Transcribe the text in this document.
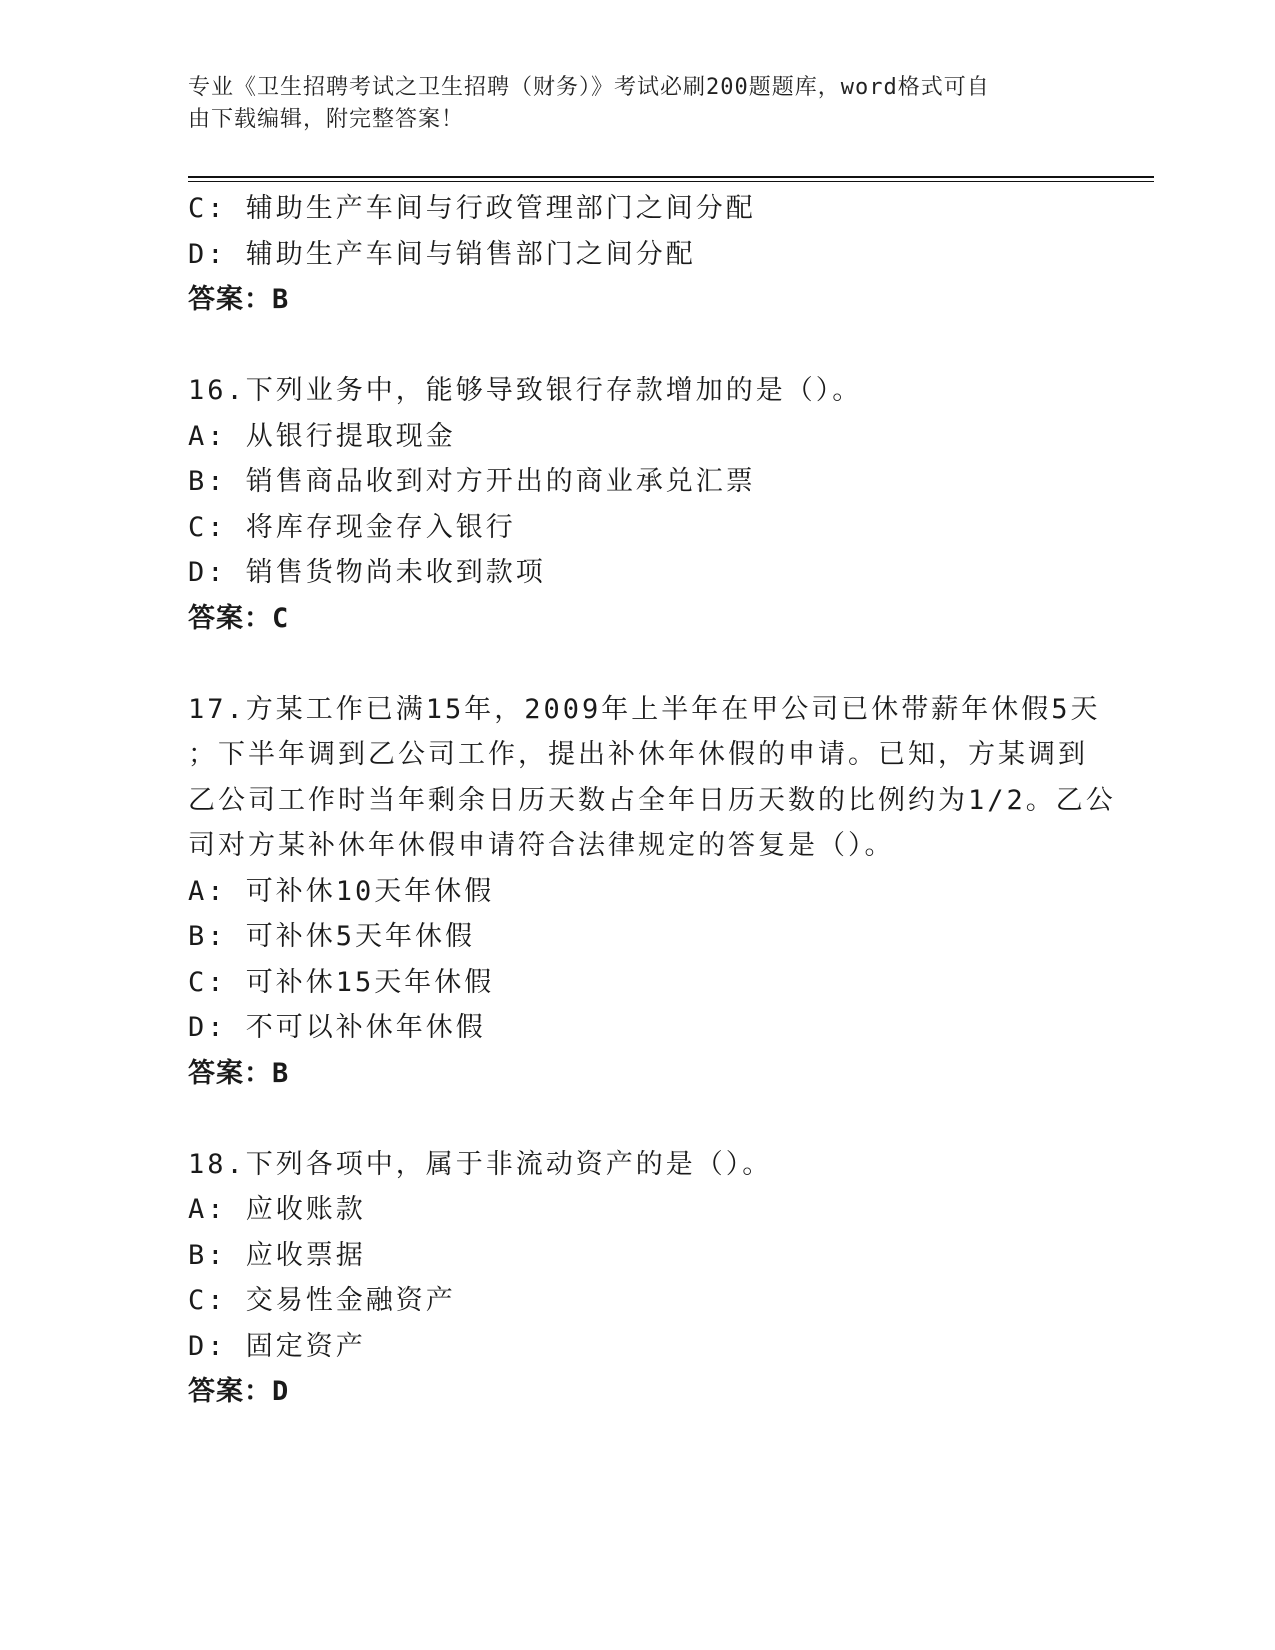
专业《卫生招聘考试之卫生招聘（财务）》考试必刷200题题库，word格式可自
由下载编辑，附完整答案！
C: 辅助生产车间与行政管理部门之间分配
D: 辅助生产车间与销售部门之间分配
答案：B
16.下列业务中，能够导致银行存款增加的是（）。
A: 从银行提取现金
B: 销售商品收到对方开出的商业承兑汇票
C: 将库存现金存入银行
D: 销售货物尚未收到款项
答案：C
17.方某工作已满15年，2009年上半年在甲公司已休带薪年休假5天
；下半年调到乙公司工作，提出补休年休假的申请。已知，方某调到
乙公司工作时当年剩余日历天数占全年日历天数的比例约为1/2。乙公
司对方某补休年休假申请符合法律规定的答复是（）。
A: 可补休10天年休假
B: 可补休5天年休假
C: 可补休15天年休假
D: 不可以补休年休假
答案：B
18.下列各项中，属于非流动资产的是（）。
A: 应收账款
B: 应收票据
C: 交易性金融资产
D: 固定资产
答案：D
